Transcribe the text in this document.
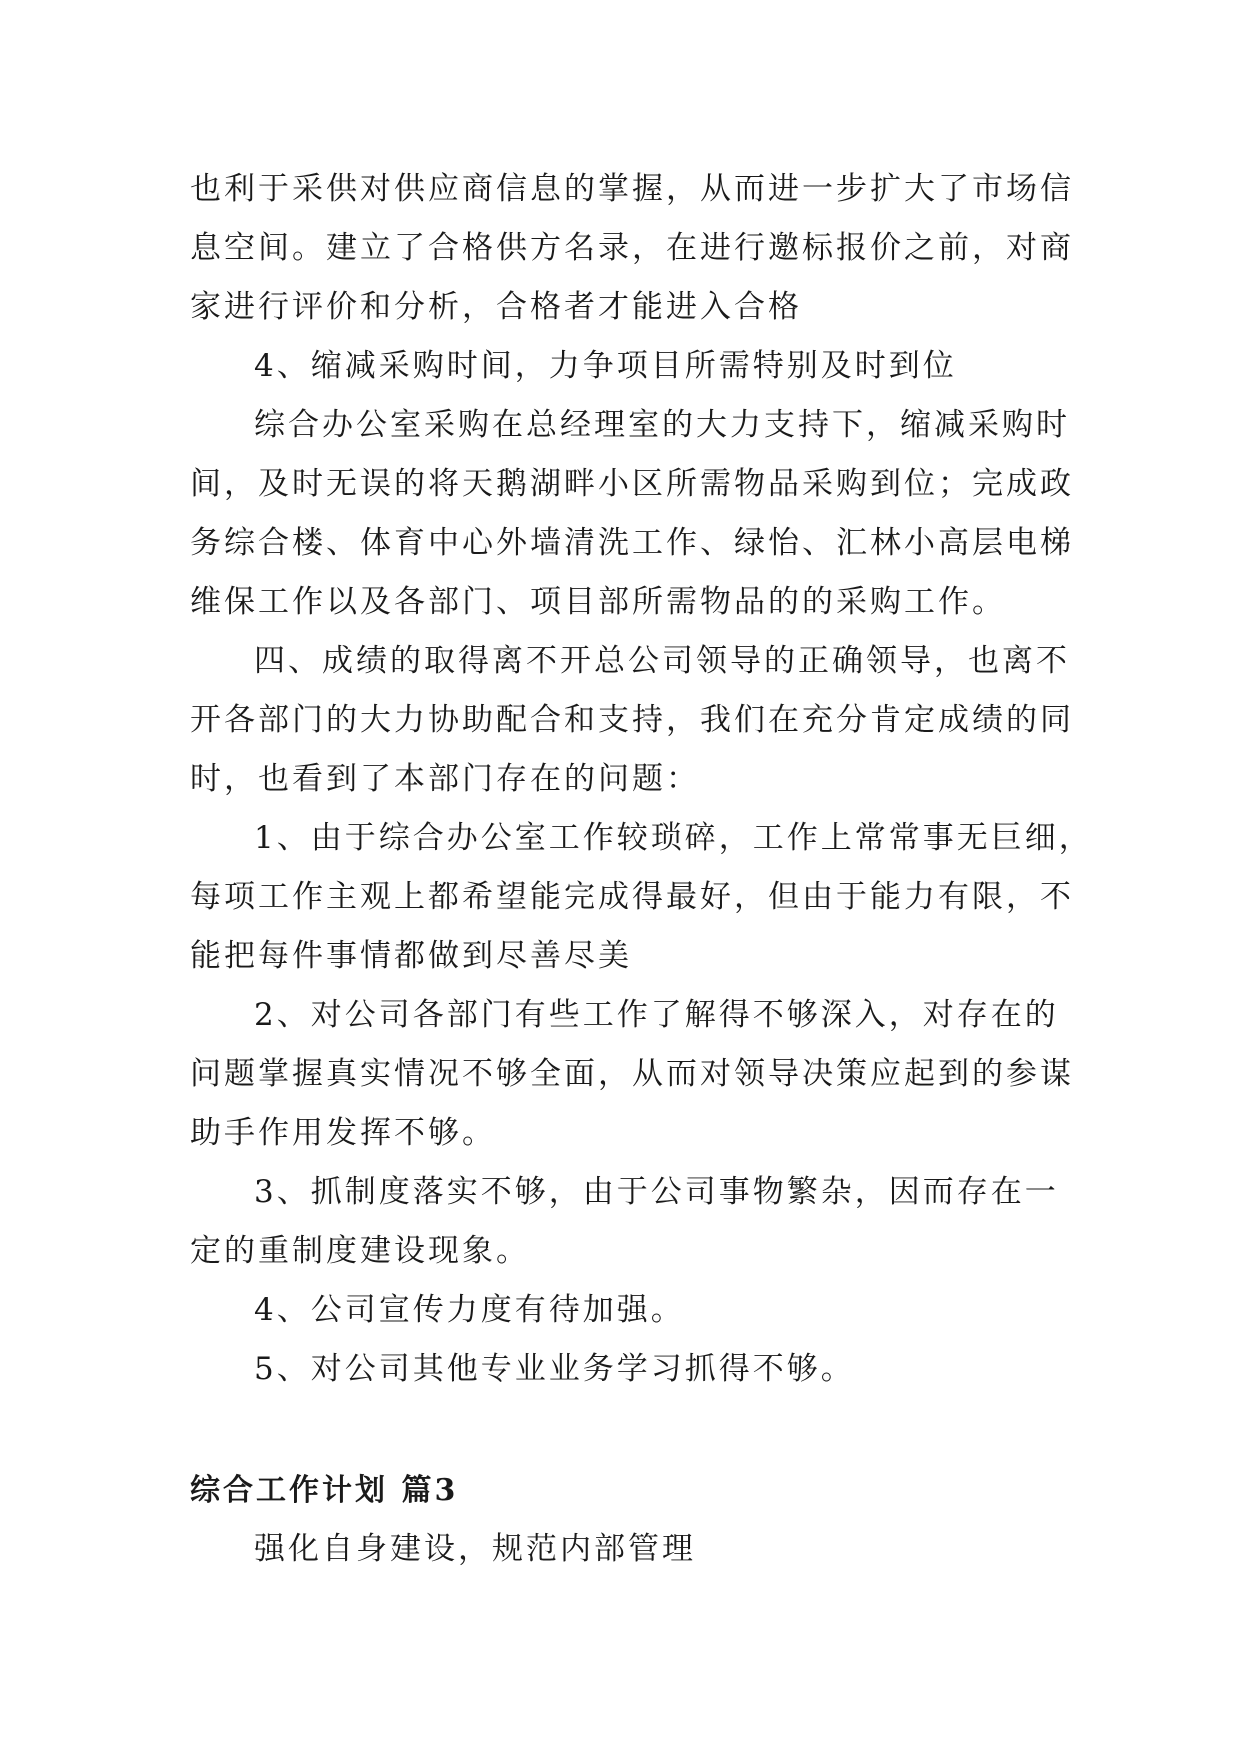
也利于采供对供应商信息的掌握，从而进一步扩大了市场信
息空间。建立了合格供方名录，在进行邀标报价之前，对商
家进行评价和分析，合格者才能进入合格

4、缩减采购时间，力争项目所需特别及时到位

综合办公室采购在总经理室的大力支持下，缩减采购时
间，及时无误的将天鹅湖畔小区所需物品采购到位；完成政
务综合楼、体育中心外墙清洗工作、绿怡、汇林小高层电梯
维保工作以及各部门、项目部所需物品的的采购工作。

四、成绩的取得离不开总公司领导的正确领导，也离不
开各部门的大力协助配合和支持，我们在充分肯定成绩的同
时，也看到了本部门存在的问题：

1、由于综合办公室工作较琐碎，工作上常常事无巨细，
每项工作主观上都希望能完成得最好，但由于能力有限，不
能把每件事情都做到尽善尽美

2、对公司各部门有些工作了解得不够深入，对存在的
问题掌握真实情况不够全面，从而对领导决策应起到的参谋
助手作用发挥不够。

3、抓制度落实不够，由于公司事物繁杂，因而存在一
定的重制度建设现象。

4、公司宣传力度有待加强。

5、对公司其他专业业务学习抓得不够。

综合工作计划 篇3

强化自身建设，规范内部管理
